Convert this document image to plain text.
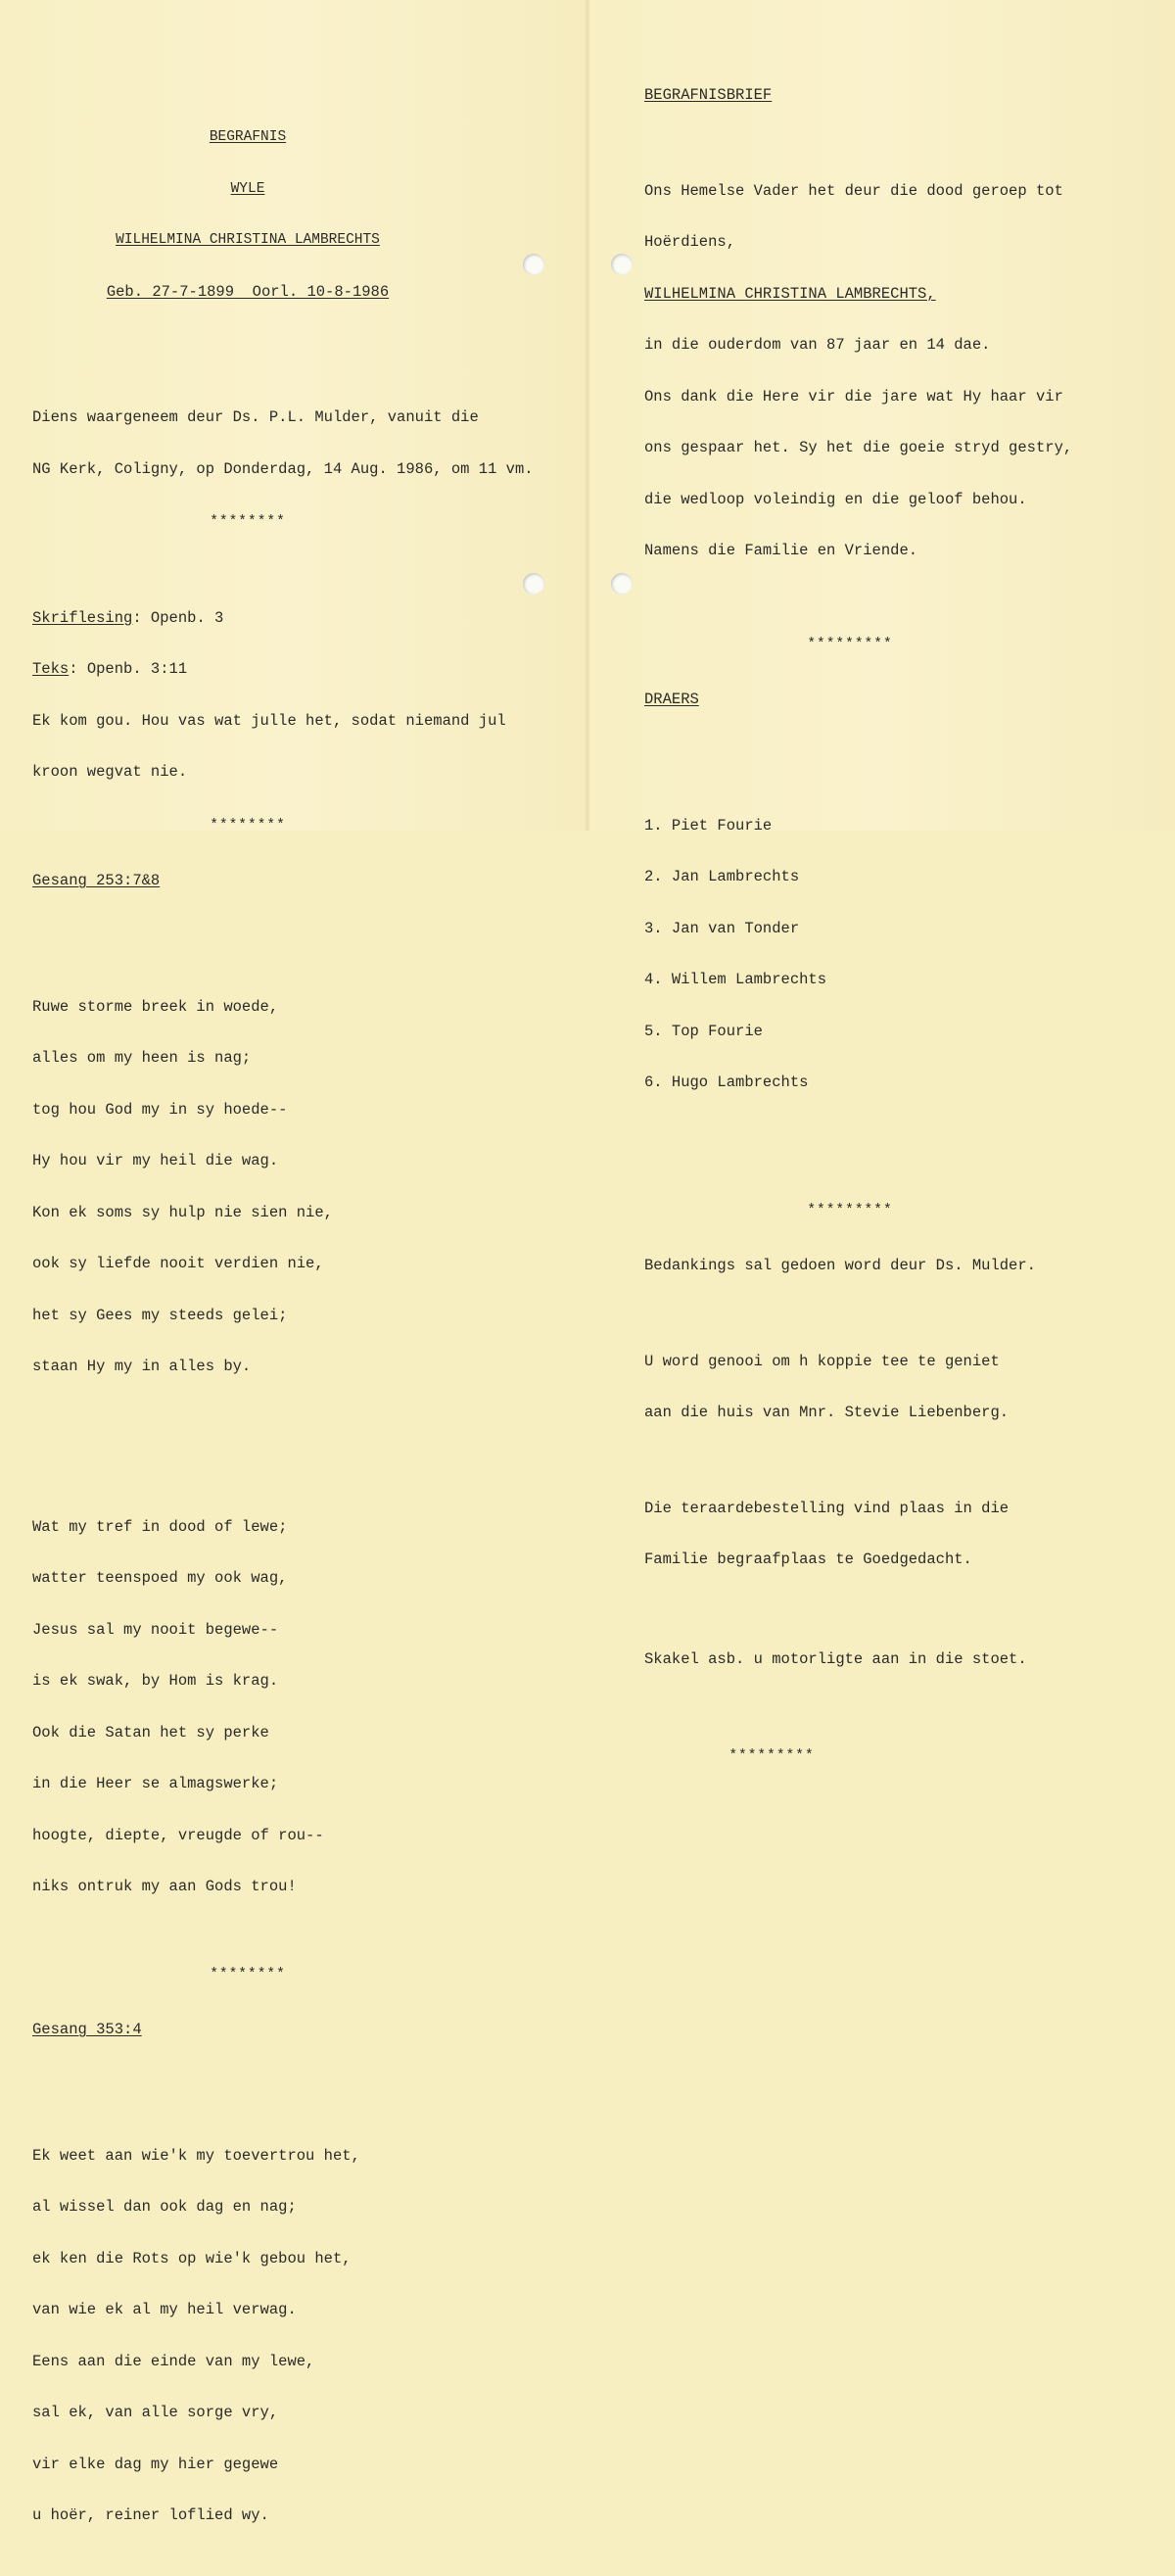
BEGRAFNIS

WYLE

WILHELMINA CHRISTINA LAMBRECHTS

Geb. 27-7-1899  Oorl. 10-8-1986

Diens waargeneem deur Ds. P.L. Mulder, vanuit die

NG Kerk, Coligny, op Donderdag, 14 Aug. 1986, om 11 vm.

********

Skriflesing: Openb. 3

Teks: Openb. 3:11

Ek kom gou. Hou vas wat julle het, sodat niemand jul

kroon wegvat nie.

********

Gesang 253:7&8

Ruwe storme breek in woede,

alles om my heen is nag;

tog hou God my in sy hoede--

Hy hou vir my heil die wag.

Kon ek soms sy hulp nie sien nie,

ook sy liefde nooit verdien nie,

het sy Gees my steeds gelei;

staan Hy my in alles by.

Wat my tref in dood of lewe;

watter teenspoed my ook wag,

Jesus sal my nooit begewe--

is ek swak, by Hom is krag.

Ook die Satan het sy perke

in die Heer se almagswerke;

hoogte, diepte, vreugde of rou--

niks ontruk my aan Gods trou!

********

Gesang 353:4

Ek weet aan wie'k my toevertrou het,

al wissel dan ook dag en nag;

ek ken die Rots op wie'k gebou het,

van wie ek al my heil verwag.

Eens aan die einde van my lewe,

sal ek, van alle sorge vry,

vir elke dag my hier gegewe

u hoër, reiner loflied wy.

BEGRAFNISBRIEF

Ons Hemelse Vader het deur die dood geroep tot

Hoërdiens,

WILHELMINA CHRISTINA LAMBRECHTS,

in die ouderdom van 87 jaar en 14 dae.

Ons dank die Here vir die jare wat Hy haar vir

ons gespaar het. Sy het die goeie stryd gestry,

die wedloop voleindig en die geloof behou.

Namens die Familie en Vriende.

*********

DRAERS

1. Piet Fourie

2. Jan Lambrechts

3. Jan van Tonder

4. Willem Lambrechts

5. Top Fourie

6. Hugo Lambrechts

*********

Bedankings sal gedoen word deur Ds. Mulder.

U word genooi om h koppie tee te geniet

aan die huis van Mnr. Stevie Liebenberg.

Die teraardebestelling vind plaas in die

Familie begraafplaas te Goedgedacht.

Skakel asb. u motorligte aan in die stoet.

*********
